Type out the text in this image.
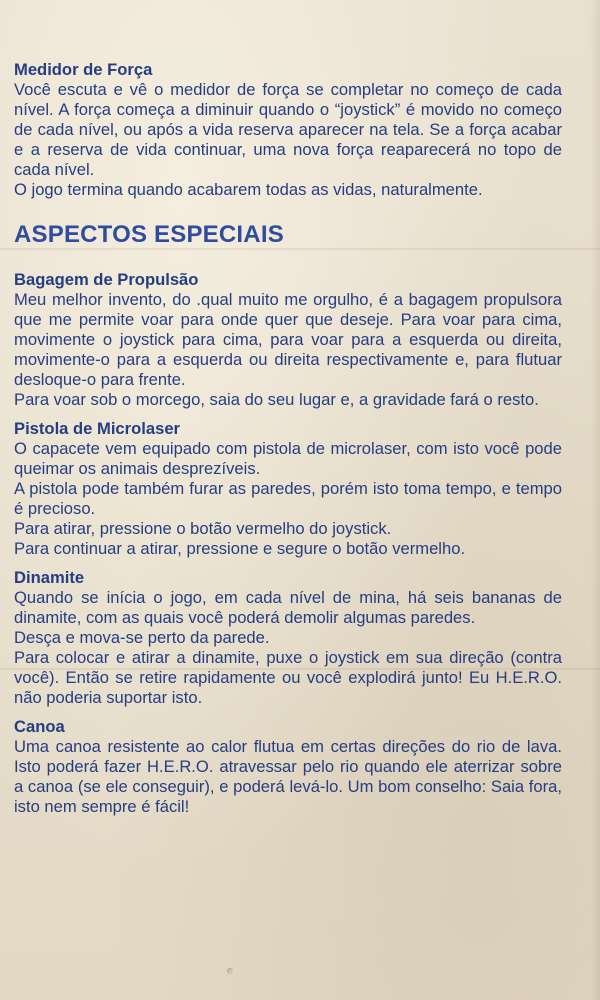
Medidor de Força

Você escuta e vê o medidor de força se completar no começo de cada nível. A força começa a diminuir quando o “joystick” é movido no começo de cada nível, ou após a vida reserva aparecer na tela. Se a força acabar e a reserva de vida continuar, uma nova força reaparecerá no topo de cada nível.

O jogo termina quando acabarem todas as vidas, naturalmente.

ASPECTOS ESPECIAIS
Bagagem de Propulsão

Meu melhor invento, do .qual muito me orgulho, é a bagagem propulsora que me permite voar para onde quer que deseje. Para voar para cima, movimente o joystick para cima, para voar para a esquerda ou direita, movimente-o para a esquerda ou direita respectivamente e, para flutuar desloque-o para frente.

Para voar sob o morcego, saia do seu lugar e, a gravidade fará o resto.

Pistola de Microlaser

O capacete vem equipado com pistola de microlaser, com isto você pode queimar os animais desprezíveis.

A pistola pode também furar as paredes, porém isto toma tempo, e tempo é precioso.

Para atirar, pressione o botão vermelho do joystick.

Para continuar a atirar, pressione e segure o botão vermelho.

Dinamite

Quando se inícia o jogo, em cada nível de mina, há seis bananas de dinamite, com as quais você poderá demolir algumas paredes.

Desça e mova-se perto da parede.

Para colocar e atirar a dinamite, puxe o joystick em sua direção (contra você). Então se retire rapidamente ou você explodirá junto! Eu H.E.R.O. não poderia suportar isto.

Canoa

Uma canoa resistente ao calor flutua em certas direções do rio de lava. Isto poderá fazer H.E.R.O. atravessar pelo rio quando ele aterrizar sobre a canoa (se ele conseguir), e poderá levá-lo. Um bom conselho: Saia fora, isto nem sempre é fácil!
